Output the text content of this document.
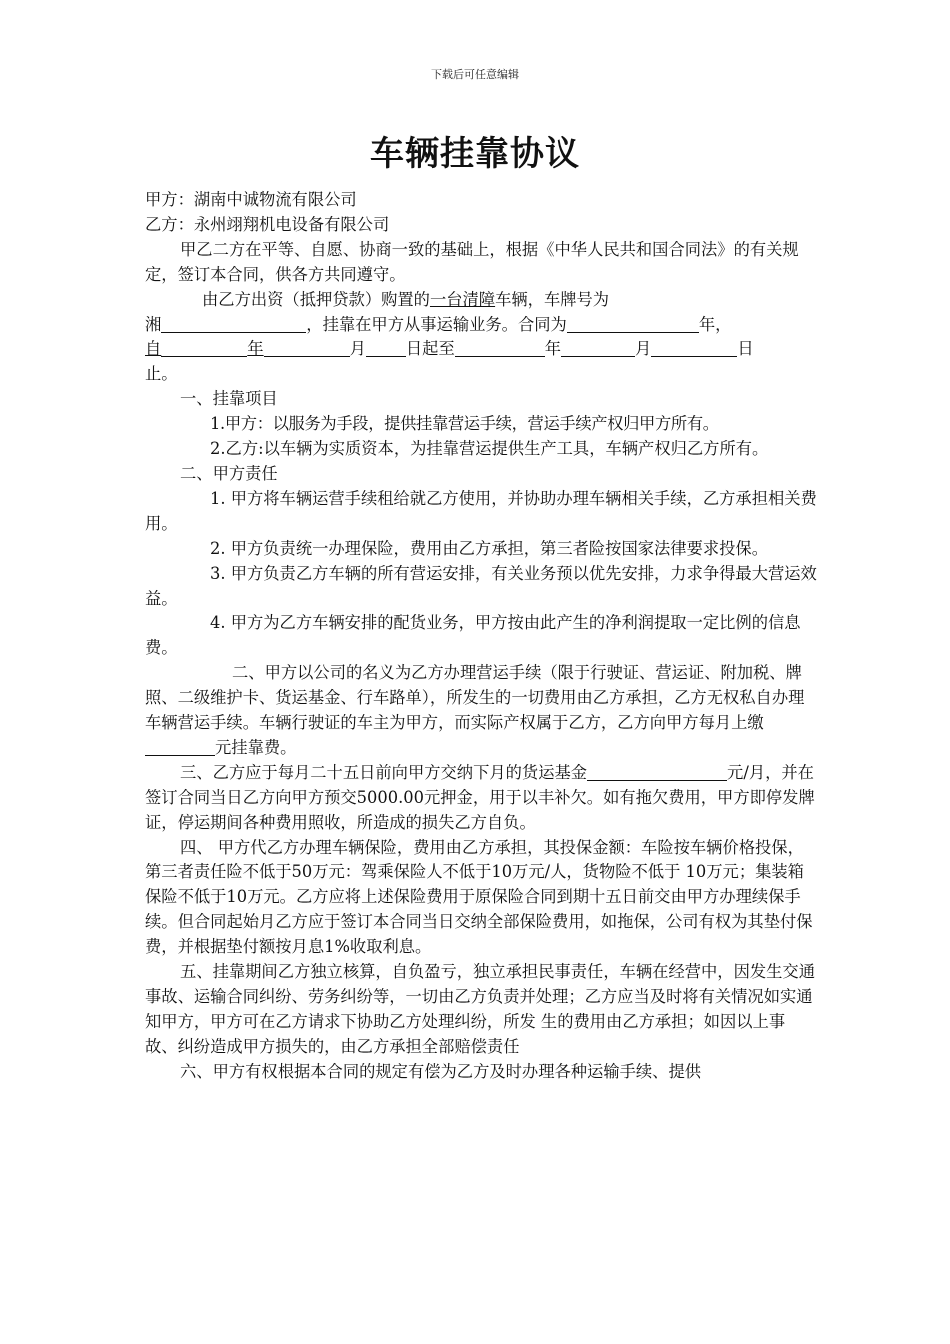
下载后可任意编辑
车辆挂靠协议

甲方：湖南中诚物流有限公司

乙方：永州翊翔机电设备有限公司

甲乙二方在平等、自愿、协商一致的基础上，根据《中华人民共和国合同法》的有关规定，签订本合同，供各方共同遵守。

由乙方出资（抵押贷款）购置的一台清障车辆，车牌号为

湘	，挂靠在甲方从事运输业务。合同为	年，

自	年	月 日起至	年	月	日

止。

一、挂靠项目

1.甲方：以服务为手段，提供挂靠营运手续，营运手续产权归甲方所有。

2.乙方:以车辆为实质资本，为挂靠营运提供生产工具，车辆产权归乙方所有。

二、甲方责任

1. 甲方将车辆运营手续租给就乙方使用，并协助办理车辆相关手续，乙方承担相关费用。

2. 甲方负责统一办理保险，费用由乙方承担，第三者险按国家法律要求投保。

3. 甲方负责乙方车辆的所有营运安排，有关业务预以优先安排，力求争得最大营运效益。

4. 甲方为乙方车辆安排的配货业务，甲方按由此产生的净利润提取一定比例的信息费。

二、甲方以公司的名义为乙方办理营运手续（限于行驶证、营运证、附加税、牌照、二级维护卡、货运基金、行车路单），所发生的一切费用由乙方承担，乙方无权私自办理车辆营运手续。车辆行驶证的车主为甲方，而实际产权属于乙方，乙方向甲方每月上缴元挂靠费。

三、乙方应于每月二十五日前向甲方交纳下月的货运基金	元/月，并在签订合同当日乙方向甲方预交5000.00元押金，用于以丰补欠。如有拖欠费用，甲方即停发牌证，停运期间各种费用照收，所造成的损失乙方自负。

四、 甲方代乙方办理车辆保险，费用由乙方承担，其投保金额：车险按车辆价格投保，第三者责任险不低于50万元：驾乘保险人不低于10万元/人，货物险不低于 10万元；集装箱保险不低于10万元。乙方应将上述保险费用于原保险合同到期十五日前交由甲方办理续保手续。但合同起始月乙方应于签订本合同当日交纳全部保险费用，如拖保，公司有权为其垫付保费，并根据垫付额按月息1%收取利息。

五、挂靠期间乙方独立核算，自负盈亏，独立承担民事责任，车辆在经营中，因发生交通事故、运输合同纠纷、劳务纠纷等，一切由乙方负责并处理；乙方应当及时将有关情况如实通知甲方，甲方可在乙方请求下协助乙方处理纠纷，所发 生的费用由乙方承担；如因以上事故、纠纷造成甲方损失的，由乙方承担全部赔偿责任

六、甲方有权根据本合同的规定有偿为乙方及时办理各种运输手续、提供
